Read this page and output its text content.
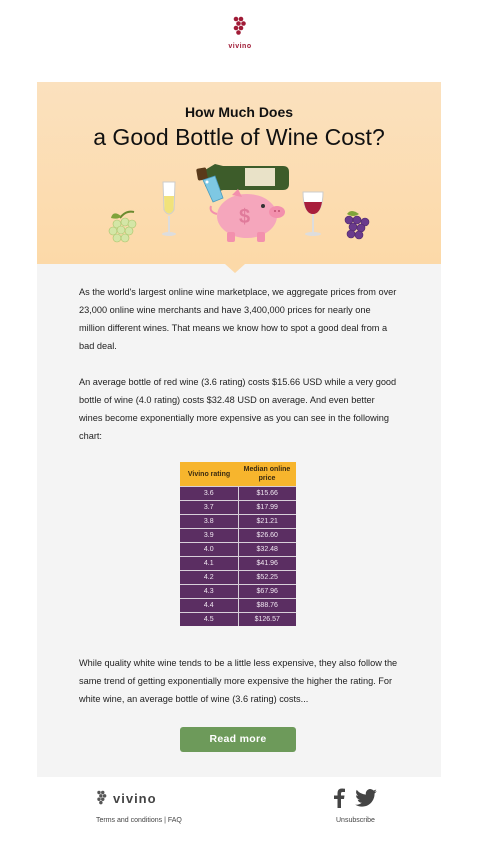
vivino
How Much Does
a Good Bottle of Wine Cost?
$
As the world's largest online wine marketplace, we aggregate prices from over 23,000 online wine merchants and have 3,400,000 prices for nearly one million different wines. That means we know how to spot a good deal from a bad deal.
An average bottle of red wine (3.6 rating) costs $15.66 USD while a very good bottle of wine (4.0 rating) costs $32.48 USD on average. And even better wines become exponentially more expensive as you can see in the following chart:
Vivino rating	Median online price
3.6	$15.66
3.7	$17.99
3.8	$21.21
3.9	$26.60
4.0	$32.48
4.1	$41.96
4.2	$52.25
4.3	$67.96
4.4	$88.76
4.5	$126.57
While quality white wine tends to be a little less expensive, they also follow the same trend of getting exponentially more expensive the higher the rating. For white wine, an average bottle of wine (3.6 rating) costs...
Read more
vivino
Terms and conditions | FAQ	Unsubscribe
